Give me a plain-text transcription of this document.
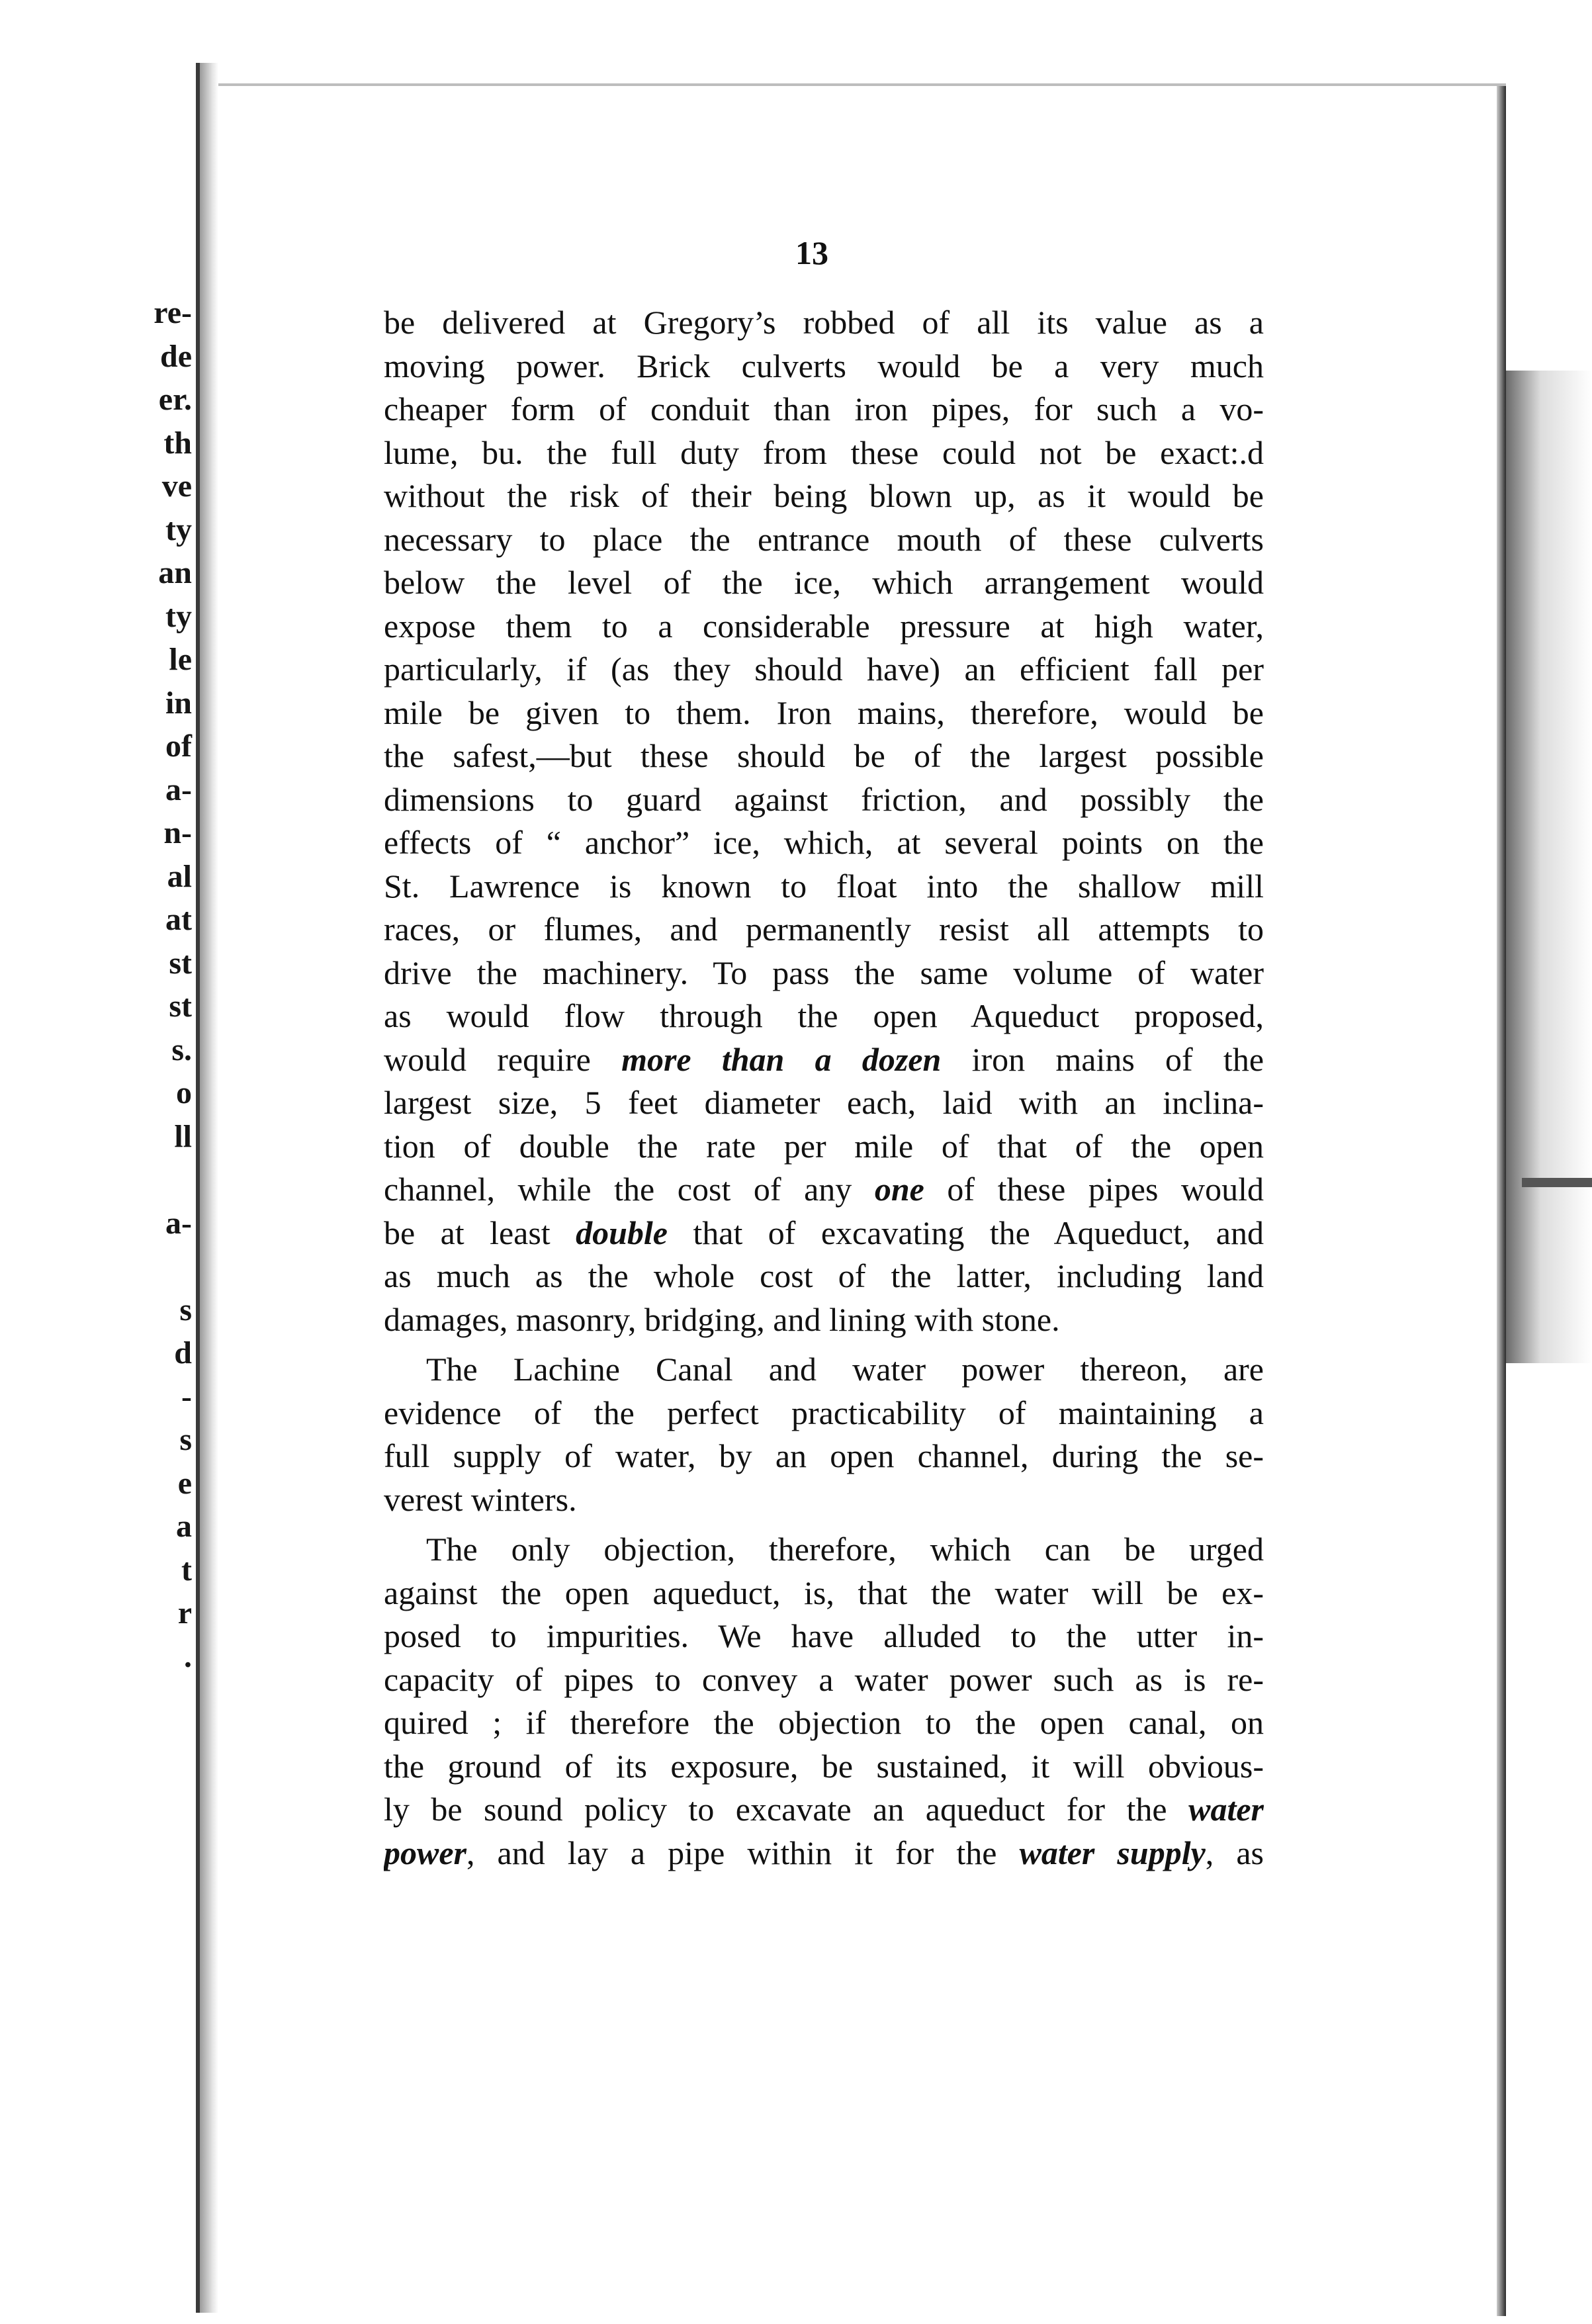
re-
de
er.
th
ve
ty
an
ty
le
in
of
a-
n-
al
at
st
st
s.
o
ll
a-
s
d
-
s
e
a
t
r
.
13
be delivered at Gregory’s robbed of all its value as a
moving power. Brick culverts would be a very much
cheaper form of conduit than iron pipes, for such a vo-
lume, bu. the full duty from these could not be exact:.d
without the risk of their being blown up, as it would be
necessary to place the entrance mouth of these culverts
below the level of the ice, which arrangement would
expose them to a considerable pressure at high water,
particularly, if (as they should have) an efficient fall per
mile be given to them. Iron mains, therefore, would be
the safest,—but these should be of the largest possible
dimensions to guard against friction, and possibly the
effects of “ anchor” ice, which, at several points on the
St. Lawrence is known to float into the shallow mill
races, or flumes, and permanently resist all attempts to
drive the machinery. To pass the same volume of water
as would flow through the open Aqueduct proposed,
would require more than a dozen iron mains of the
largest size, 5 feet diameter each, laid with an inclina-
tion of double the rate per mile of that of the open
channel, while the cost of any one of these pipes would
be at least double that of excavating the Aqueduct, and
as much as the whole cost of the latter, including land
damages, masonry, bridging, and lining with stone.
The Lachine Canal and water power thereon, are
evidence of the perfect practicability of maintaining a
full supply of water, by an open channel, during the se-
verest winters.
The only objection, therefore, which can be urged
against the open aqueduct, is, that the water will be ex-
posed to impurities. We have alluded to the utter in-
capacity of pipes to convey a water power such as is re-
quired ; if therefore the objection to the open canal, on
the ground of its exposure, be sustained, it will obvious-
ly be sound policy to excavate an aqueduct for the water
power, and lay a pipe within it for the water supply, as
